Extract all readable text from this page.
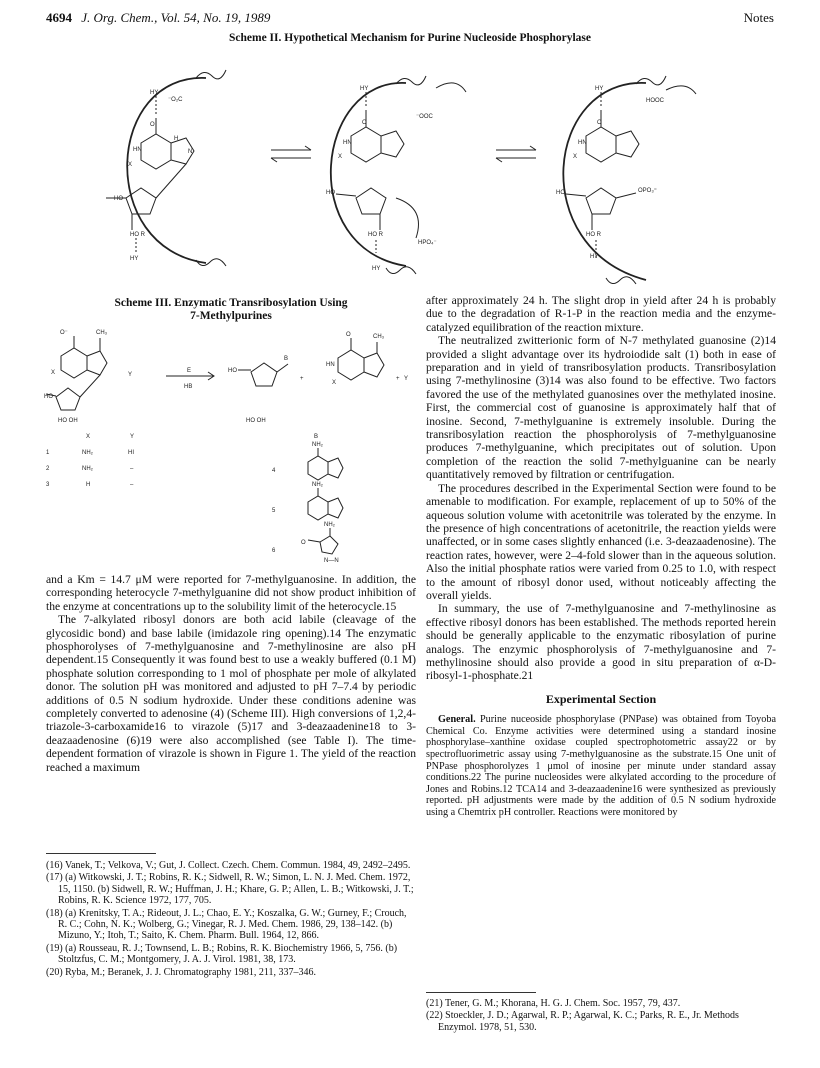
4694 J. Org. Chem., Vol. 54, No. 19, 1989	Notes
Scheme II. Hypothetical Mechanism for Purine Nucleoside Phosphorylase
HY
O
⁻O₂C
HN
X
H
N
HO
HO R
HY
HY
O
⁻OOC
HN
X
HO
HO R
HPO₄⁻
HY
HY
O
HOOC
HN
X
HO	OPO₃⁼
HO R
HY
Scheme III. Enzymatic Transribosylation Using
7-Methylpurines
O⁻	CH₃
X
HO
HO OH	HO OH
HO
B
O	CH₃
HN
X
NH₂
NH₂
NH₂
O
N—N
Y
E
HB
+	+ Y
X	Y	B
1	NH₂	HI
2	NH₂	–
3	H	–
4
5
6

and a Km = 14.7 μM were reported for 7-methylguanosine. In addition, the corresponding heterocycle 7-methylguanine did not show product inhibition of the enzyme at concentrations up to the solubility limit of the heterocycle.15

The 7-alkylated ribosyl donors are both acid labile (cleavage of the glycosidic bond) and base labile (imidazole ring opening).14 The enzymatic phosphorolyses of 7-methylguanosine and 7-methylinosine are also pH dependent.15 Consequently it was found best to use a weakly buffered (0.1 M) phosphate solution corresponding to 1 mol of phosphate per mole of alkylated donor. The solution pH was monitored and adjusted to pH 7–7.4 by periodic additions of 0.5 N sodium hydroxide. Under these conditions adenine was completely converted to adenosine (4) (Scheme III). High conversions of 1,2,4-triazole-3-carboxamide16 to virazole (5)17 and 3-deazaadenine18 to 3-deazaadenosine (6)19 were also accomplished (see Table I). The time-dependent formation of virazole is shown in Figure 1. The yield of the reaction reached a maximum

(16) Vanek, T.; Velkova, V.; Gut, J. Collect. Czech. Chem. Commun. 1984, 49, 2492–2495.
(17) (a) Witkowski, J. T.; Robins, R. K.; Sidwell, R. W.; Simon, L. N. J. Med. Chem. 1972, 15, 1150. (b) Sidwell, R. W.; Huffman, J. H.; Khare, G. P.; Allen, L. B.; Witkowski, J. T.; Robins, R. K. Science 1972, 177, 705.
(18) (a) Krenitsky, T. A.; Rideout, J. L.; Chao, E. Y.; Koszalka, G. W.; Gurney, F.; Crouch, R. C.; Cohn, N. K.; Wolberg, G.; Vinegar, R. J. Med. Chem. 1986, 29, 138–142. (b) Mizuno, Y.; Itoh, T.; Saito, K. Chem. Pharm. Bull. 1964, 12, 866.
(19) (a) Rousseau, R. J.; Townsend, L. B.; Robins, R. K. Biochemistry 1966, 5, 756. (b) Stoltzfus, C. M.; Montgomery, J. A. J. Virol. 1981, 38, 173.
(20) Ryba, M.; Beranek, J. J. Chromatography 1981, 211, 337–346.

after approximately 24 h. The slight drop in yield after 24 h is probably due to the degradation of R-1-P in the reaction media and the enzyme-catalyzed equilibration of the reaction mixture.

The neutralized zwitterionic form of N-7 methylated guanosine (2)14 provided a slight advantage over its hydroiodide salt (1) both in ease of preparation and in yield of transribosylation products. Transribosylation using 7-methylinosine (3)14 was also found to be effective. Two factors favored the use of the methylated guanosines over the methylated inosine. First, the commercial cost of guanosine is approximately half that of inosine. Second, 7-methylguanine is extremely insoluble. During the transribosylation reaction the phosphorolysis of 7-methylguanosine produces 7-methylguanine, which precipitates out of solution. Upon completion of the reaction the solid 7-methylguanine can be nearly quantitatively removed by filtration or centrifugation.

The procedures described in the Experimental Section were found to be amenable to modification. For example, replacement of up to 50% of the aqueous solution volume with acetonitrile was tolerated by the enzyme. In the presence of high concentrations of acetonitrile, the reaction yields were unaffected, or in some cases slightly enhanced (i.e. 3-deazaadenosine). The reaction rates, however, were 2–4-fold slower than in the aqueous solution. Also the initial phosphate ratios were varied from 0.25 to 1.0, with respect to the amount of ribosyl donor used, without noticeably affecting the overall yields.

In summary, the use of 7-methylguanosine and 7-methylinosine as effective ribosyl donors has been established. The methods reported herein should be generally applicable to the enzymatic ribosylation of purine analogs. The enzymic phosphorolysis of 7-methylguanosine and 7-methylinosine should also provide a good in situ preparation of α-D-ribosyl-1-phosphate.21

Experimental Section

General. Purine nuceoside phosphorylase (PNPase) was obtained from Toyoba Chemical Co. Enzyme activities were determined using a standard inosine phosphorylase–xanthine oxidase coupled spectrophotometric assay22 or by spectrofluorimetric assay using 7-methylguanosine as the substrate.15 One unit of PNPase phosphorolyzes 1 μmol of inosine per minute under standard assay conditions.22 The purine nucleosides were alkylated according to the procedure of Jones and Robins.12 TCA14 and 3-deazaadenine16 were synthesized as previously reported. pH adjustments were made by the addition of 0.5 N sodium hydroxide using a Chemtrix pH controller. Reactions were monitored by

(21) Tener, G. M.; Khorana, H. G. J. Chem. Soc. 1957, 79, 437.
(22) Stoeckler, J. D.; Agarwal, R. P.; Agarwal, K. C.; Parks, R. E., Jr. Methods Enzymol. 1978, 51, 530.
